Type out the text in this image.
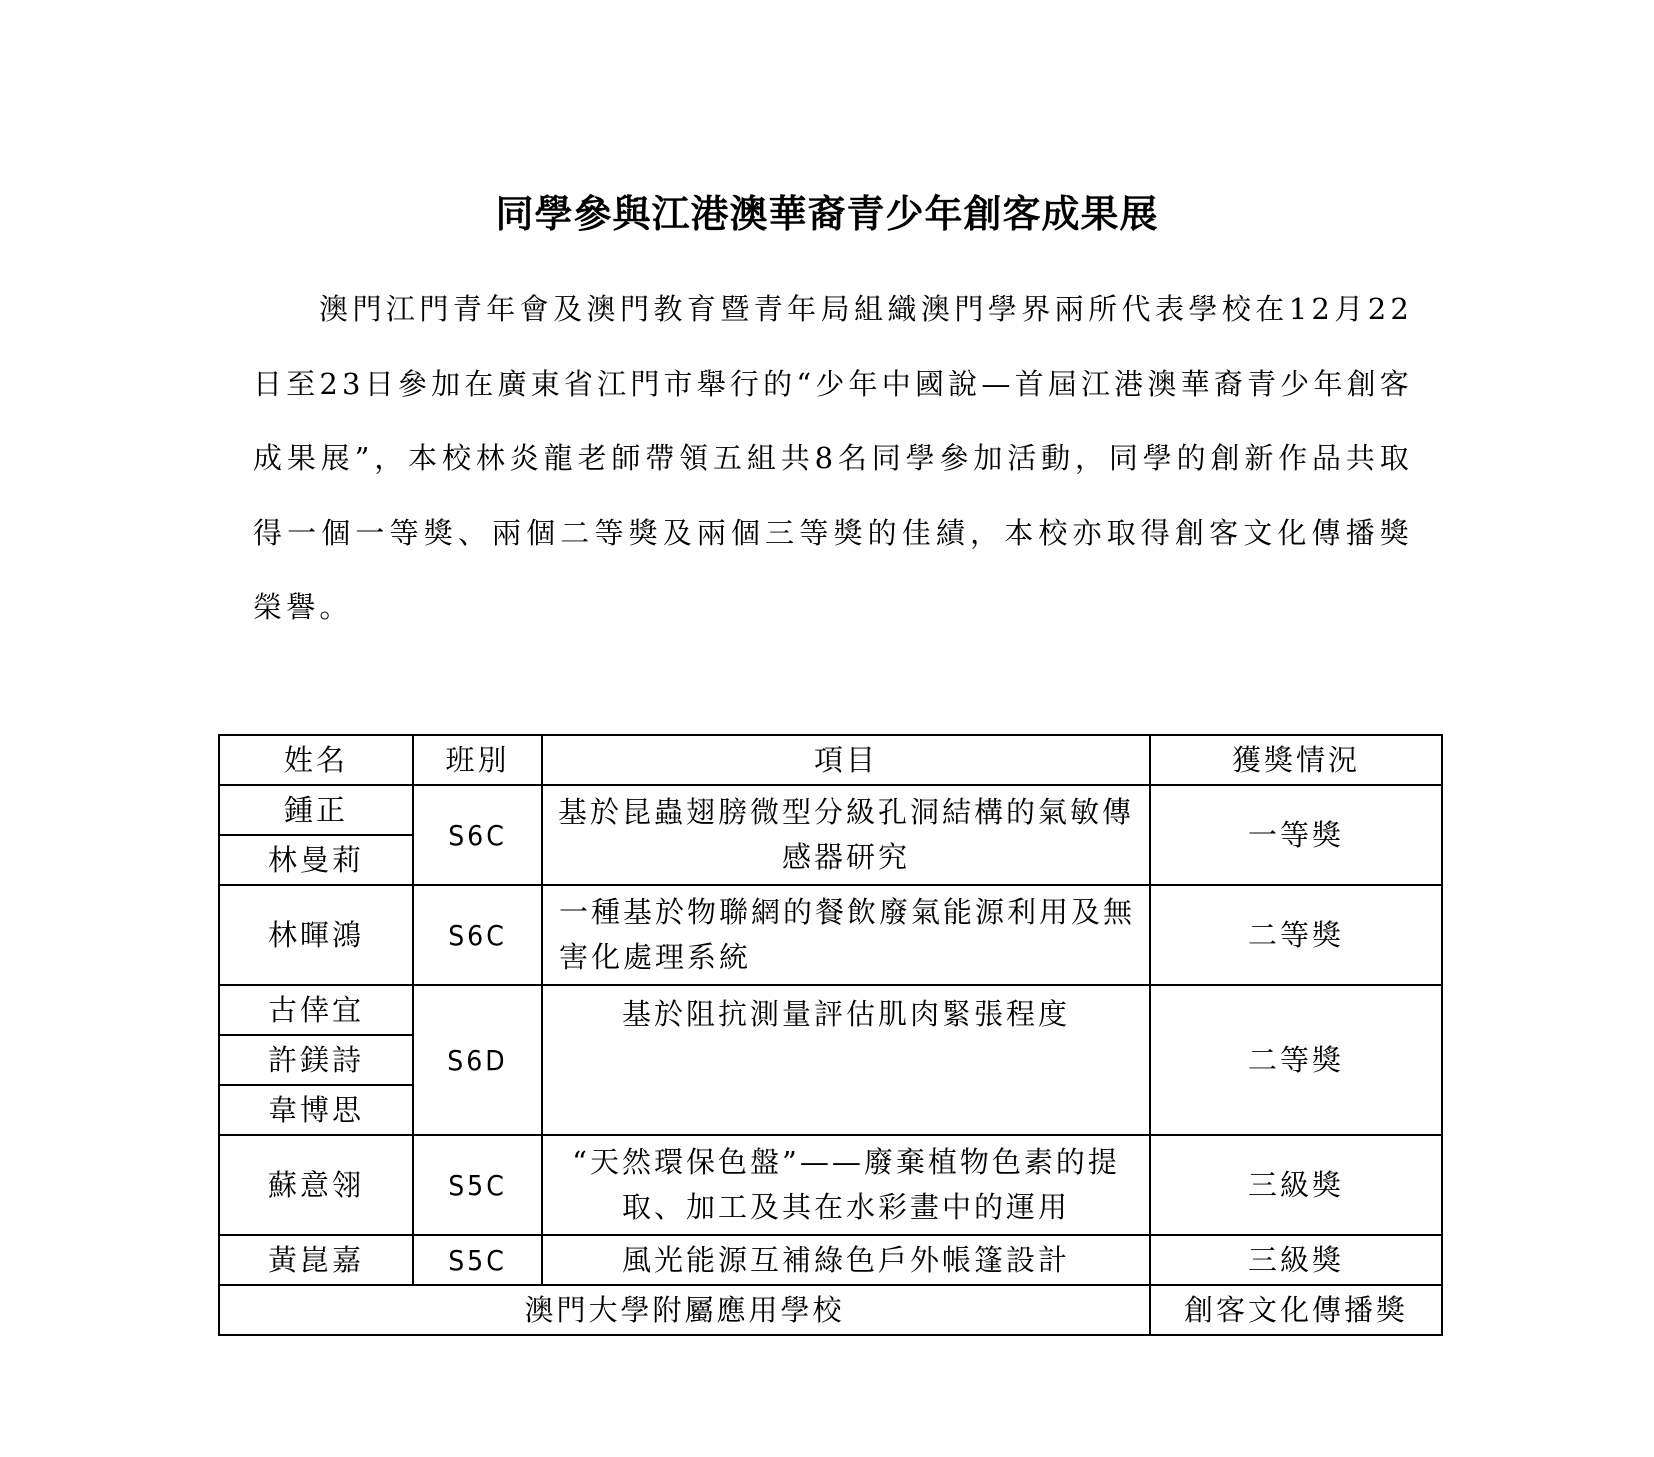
同學參與江港澳華裔青少年創客成果展

澳門江門青年會及澳門教育暨青年局組織澳門學界兩所代表學校在12月22日至23日參加在廣東省江門市舉行的“少年中國說—首屆江港澳華裔青少年創客成果展”，本校林炎龍老師帶領五組共8名同學參加活動，同學的創新作品共取得一個一等獎、兩個二等獎及兩個三等獎的佳績，本校亦取得創客文化傳播獎榮譽。

姓名	班別	項目	獲獎情況
鍾正	S6C	基於昆蟲翅膀微型分級孔洞結構的氣敏傳感器研究	一等獎
林曼莉			
林暉鴻	S6C	一種基於物聯網的餐飲廢氣能源利用及無害化處理系統	二等獎
古倖宜	S6D	基於阻抗測量評估肌肉緊張程度	二等獎
許鎂詩			
韋博思			
蘇意翎	S5C	“天然環保色盤”——廢棄植物色素的提取、加工及其在水彩畫中的運用	三級獎
黃崑嘉	S5C	風光能源互補綠色戶外帳篷設計	三級獎
澳門大學附屬應用學校			創客文化傳播獎
